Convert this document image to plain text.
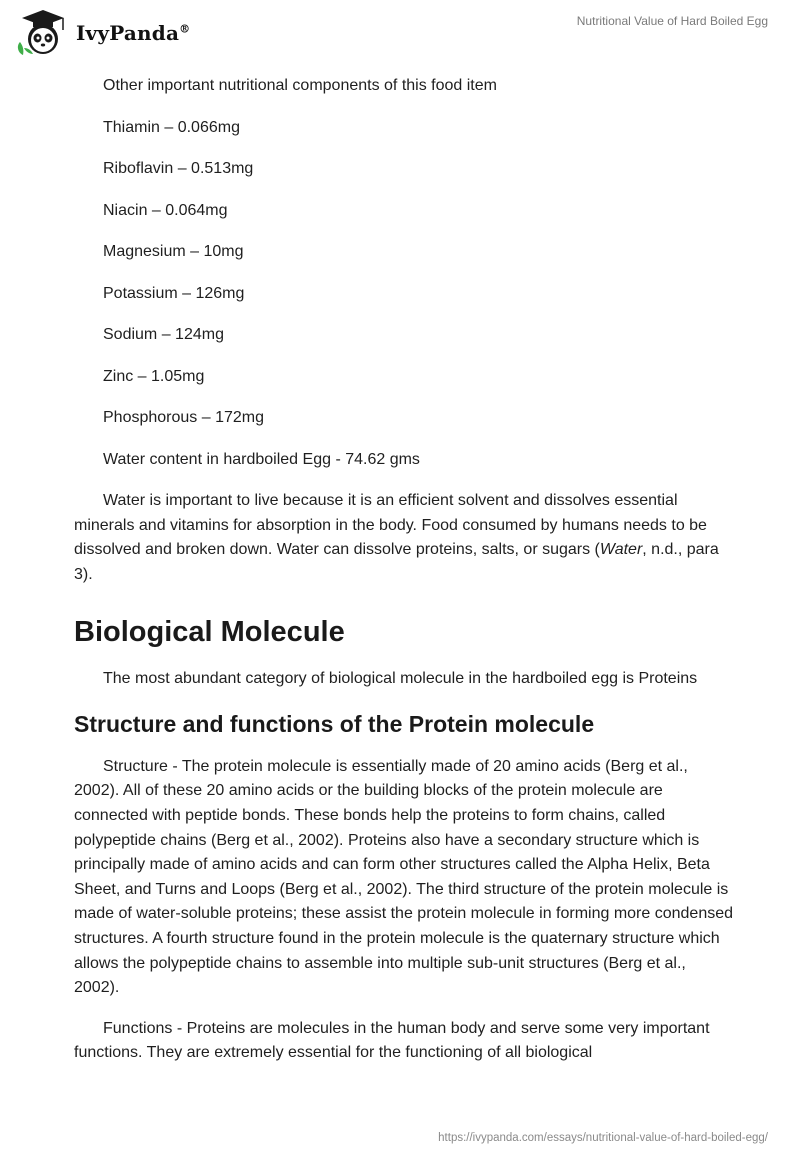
IvyPanda®
Nutritional Value of Hard Boiled Egg

Other important nutritional components of this food item

Thiamin – 0.066mg

Riboflavin – 0.513mg

Niacin – 0.064mg

Magnesium – 10mg

Potassium – 126mg

Sodium – 124mg

Zinc – 1.05mg

Phosphorous – 172mg

Water content in hardboiled Egg - 74.62 gms

Water is important to live because it is an efficient solvent and dissolves essential minerals and vitamins for absorption in the body. Food consumed by humans needs to be dissolved and broken down. Water can dissolve proteins, salts, or sugars (Water, n.d., para 3).

Biological Molecule

The most abundant category of biological molecule in the hardboiled egg is Proteins

Structure and functions of the Protein molecule

Structure - The protein molecule is essentially made of 20 amino acids (Berg et al., 2002). All of these 20 amino acids or the building blocks of the protein molecule are connected with peptide bonds. These bonds help the proteins to form chains, called polypeptide chains (Berg et al., 2002). Proteins also have a secondary structure which is principally made of amino acids and can form other structures called the Alpha Helix, Beta Sheet, and Turns and Loops (Berg et al., 2002). The third structure of the protein molecule is made of water-soluble proteins; these assist the protein molecule in forming more condensed structures. A fourth structure found in the protein molecule is the quaternary structure which allows the polypeptide chains to assemble into multiple sub-unit structures (Berg et al., 2002).

Functions - Proteins are molecules in the human body and serve some very important functions. They are extremely essential for the functioning of all biological

https://ivypanda.com/essays/nutritional-value-of-hard-boiled-egg/
